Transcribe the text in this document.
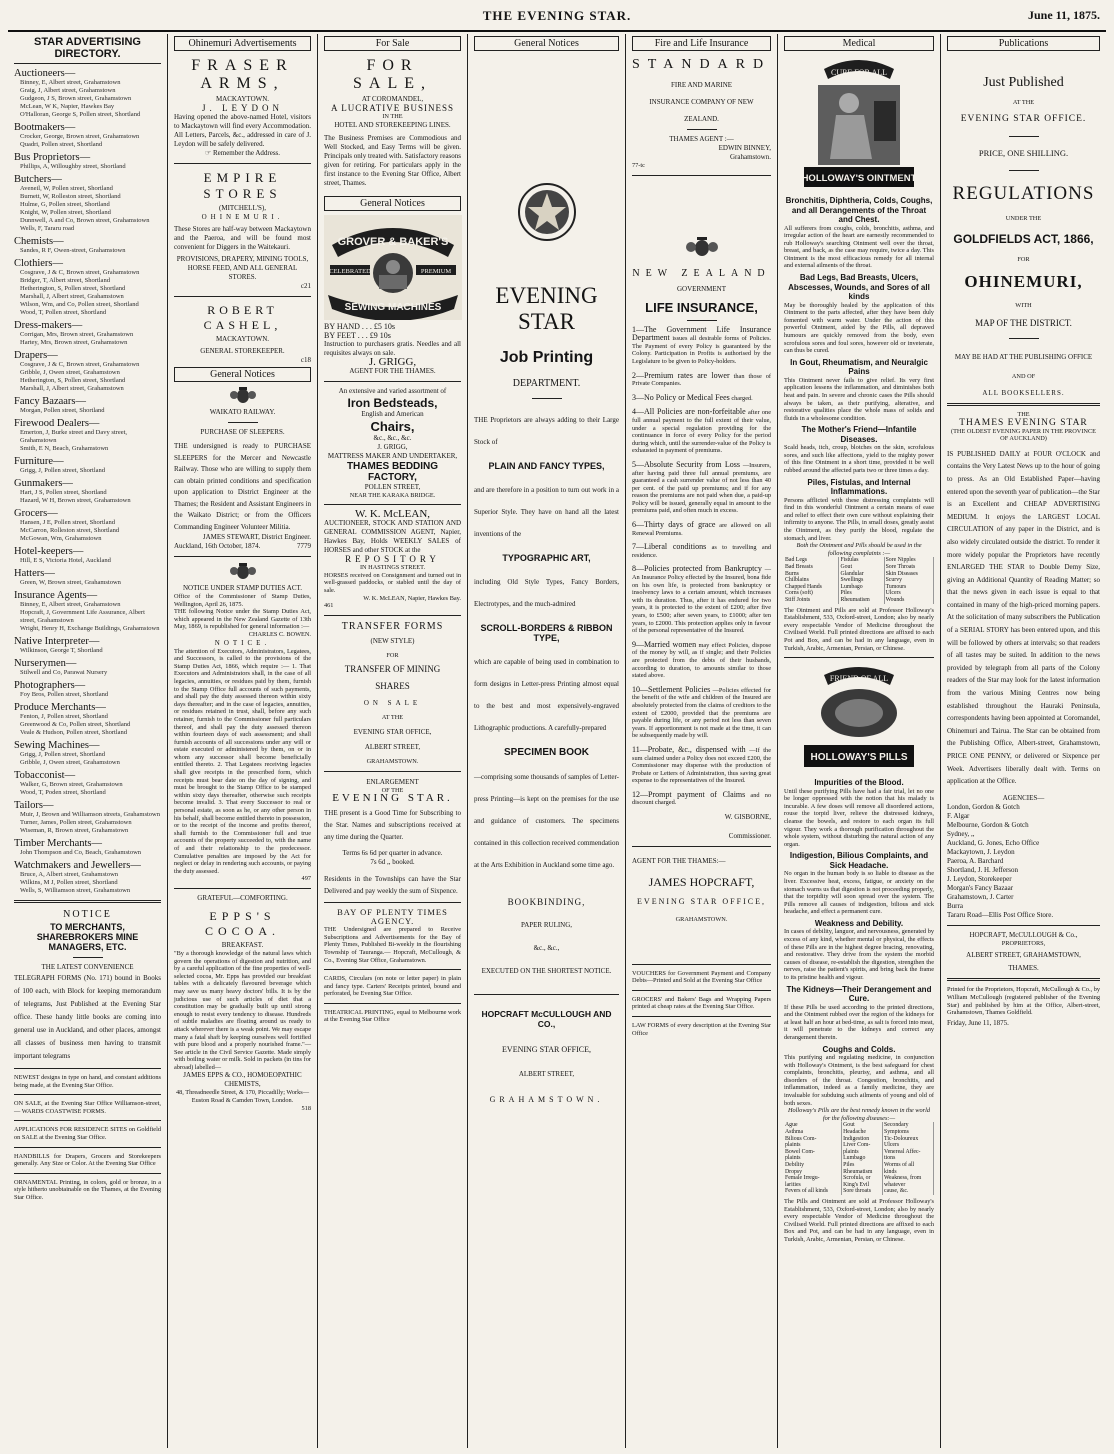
THE EVENING STAR.	June 11, 1875.
STAR ADVERTISING DIRECTORY.
Auctioneers—
Binney, E, Albert street, Grahamstown
Graig, J, Albert street, Grahamstown
Gudgeon, J S, Brown street, Grahamstown
McLean, W K, Napier, Hawkes Bay
O'Halloran, George S, Pollen street, Shortland
Bootmakers—
Crocker, George, Brown street, Grahamstown
Quadri, Pollen street, Shortland
Bus Proprietors—
Phillips, A, Willoughby street, Shortland
Butchers—
Aveneil, W, Pollen street, Shortland
Burnett, W, Rolleston street, Shortland
Hulme, G, Pollen street, Shortland
Knight, W, Pollen street, Shortland
Dunnwell, A and Co, Brown street, Grahamstown
Wells, F, Tararu road
Chemists—
Sandes, R F, Owen-street, Grahamstown
Clothiers—
Cosgrave, J & C, Brown street, Grahamstown
Bridger, T, Albert street, Shortland
Hetherington, S, Pollen street, Shortland
Marshall, J, Albert street, Grahamstown
Wilson, Wm, and Co, Pollen street, Shortland
Wood, T, Pollen street, Shortland
Dress-makers—
Corrigan, Mrs, Brown street, Grahamstown
Hartey, Mrs, Brown street, Grahamstown
Drapers—
Cosgrave, J & C, Brown street, Grahamstown
Gribble, J, Owen street, Grahamstown
Hetherington, S, Pollen street, Shortland
Marshall, J, Albert street, Grahamstown
Fancy Bazaars—
Morgan, Pollen street, Shortland
Firewood Dealers—
Emerton, J, Burke street and Davy street, Grahamstown
Smith, E N, Beach, Grahamstown
Furniture—
Grigg, J, Pollen street, Shortland
Gunmakers—
Hart, J S, Pollen street, Shortland
Hazard, W H, Brown street, Grahamstown
Grocers—
Hansen, J E, Pollen street, Shortland
McCarron, Rolleston street, Shortland
McGowan, Wm, Grahamstown
Hotel-keepers—
Hill, E S, Victoria Hotel, Auckland
Hatters—
Green, W, Brown street, Grahamstown
Insurance Agents—
Binney, E, Albert street, Grahamstown
Hopcraft, J, Government Life Assurance, Albert street, Grahamstown
Wright, Henry H, Exchange Buildings, Grahamstown
Native Interpreter—
Wilkinson, George T, Shortland
Nurserymen—
Stilwell and Co, Parawai Nursery
Photographers—
Foy Bros, Pollen street, Shortland
Produce Merchants—
Fenton, J, Pollen street, Shortland
Greenwood & Co, Pollen street, Shortland
Veale & Hudson, Pollen street, Shortland
Sewing Machines—
Grigg, J, Pollen street, Shortland
Gribble, J, Owen street, Grahamstown
Tobacconist—
Walker, G, Brown street, Grahamstown
Wood, T, Poden street, Shortland
Tailors—
Muir, J, Brown and Williamson streets, Grahamstown
Turner, James, Pollen street, Grahamstown
Wiseman, R, Brown street, Grahamstown
Timber Merchants—
John Thompson and Co, Beach, Grahamstown
Watchmakers and Jewellers—
Bruce, A, Albert street, Grahamstown
Wilkins, M J, Pollen street, Shortland
Wells, S, Williamson street, Grahamstown
NOTICE
TO MERCHANTS, SHAREBROKERS MINE MANAGERS, ETC.
THE LATEST CONVENIENCE
TELEGRAPH FORMS (No. 171) bound in Books of 100 each, with Block for keeping memorandum of telegrams, Just Published at the Evening Star office. These handy little books are coming into general use in Auckland, and other places, amongst all classes of business men having to transmit important telegrams
NEWEST designs in type on hand, and constant additions being made, at the Evening Star Office.
ON SALE, at the Evening Star Office Williamson-street, — WARDS COASTWISE FORMS.
APPLICATIONS FOR RESIDENCE SITES on Goldfield on SALE at the Evening Star Office.
HANDBILLS for Drapers, Grocers and Storekeepers generally. Any Size or Color. At the Evening Star Office
ORNAMENTAL Printing, in colors, gold or bronze, in a style hitherto unobtainable on the Thames, at the Evening Star Office.
Ohinemuri Advertisements
FRASER ARMS,
MACKAYTOWN.
J. LEYDON
Having opened the above-named Hotel, visitors to Mackaytown will find every Accommodation. All Letters, Parcels, &c., addressed in care of J. Leydon will be safely delivered.
☞ Remember the Address.
EMPIRE STORES
(MITCHELL'S),
OHINEMURI.
These Stores are half-way between Mackaytown and the Paeroa, and will be found most convenient for Diggers in the Waitekauri.
PROVISIONS, DRAPERY, MINING TOOLS, HORSE FEED, AND ALL GENERAL STORES.
c21
ROBERT CASHEL,
MACKAYTOWN.
GENERAL STOREKEEPER.
c18
General Notices
WAIKATO RAILWAY.
PURCHASE OF SLEEPERS.
THE undersigned is ready to PURCHASE SLEEPERS for the Mercer and Newcastle Railway. Those who are willing to supply them can obtain printed conditions and specification upon application to District Engineer at the Thames; the Resident and Assistant Engineers in the Waikato District; or from the Officers Commanding Engineer Volunteer Militia.
JAMES STEWART, District Engineer.
Auckland, 16th October, 1874.	7779
NOTICE UNDER STAMP DUTIES ACT.
Office of the Commissioner of Stamp Duties, Wellington, April 26, 1875.
THE following Notice under the Stamp Duties Act, which appeared in the New Zealand Gazette of 13th May, 1869, is republished for general information :—
CHARLES C. BOWEN.
NOTICE.
The attention of Executors, Administrators, Legatees, and Successors, is called to the provisions of the Stamp Duties Act, 1866, which require :— 1. That Executors and Administrators shall, in the case of all legacies, annuities, or residues paid by them, furnish to the Stamp Office full accounts of such payments, and shall pay the duty assessed thereon within sixty days thereafter; and in the case of legacies, annuities, or residues retained in trust, shall, before any such retainer, furnish to the Commissioner full particulars thereof, and shall pay the duty assessed thereon within fourteen days of such assessment; and shall furnish accounts of all successions under any will or estate executed or administered by them, on or in whom any successor shall become beneficially entitled thereto. 2. That Legatees receiving legacies shall give receipts in the prescribed form, which receipts must bear date on the day of signing, and must be brought to the Stamp Office to be stamped within sixty days thereafter, otherwise such receipts become invalid. 3. That every Successor to real or personal estate, as soon as he, or any other person in his behalf, shall become entitled thereto in possession, or to the receipt of the income and profits thereof, shall furnish to the Commissioner full and true accounts of the property succeeded to, with the name of and their relationship to the predecessor. Cumulative penalties are imposed by the Act for neglect or delay in rendering such accounts, or paying the duty assessed.
497
GRATEFUL—COMFORTING.
EPPS'S COCOA.
BREAKFAST.
"By a thorough knowledge of the natural laws which govern the operations of digestion and nutrition, and by a careful application of the fine properties of well-selected cocoa, Mr. Epps has provided our breakfast tables with a delicately flavoured beverage which may save us many heavy doctors' bills. It is by the judicious use of such articles of diet that a constitution may be gradually built up until strong enough to resist every tendency to disease. Hundreds of subtle maladies are floating around us ready to attack wherever there is a weak point. We may escape many a fatal shaft by keeping ourselves well fortified with pure blood and a properly nourished frame."—See article in the Civil Service Gazette. Made simply with boiling water or milk. Sold in packets (in tins for abroad) labelled—
JAMES EPPS & CO., HOMOEOPATHIC CHEMISTS,
48, Threadneedle Street, & 170, Piccadilly; Works—Euston Road & Camden Town, London.
518
For Sale
FOR SALE,
AT COROMANDEL,
A LUCRATIVE BUSINESS
IN THE
HOTEL AND STOREKEEPING LINES.
The Business Premises are Commodious and Well Stocked, and Easy Terms will be given. Principals only treated with. Satisfactory reasons given for retiring. For particulars apply in the first instance to the Evening Star Office, Albert street, Thames.
General Notices
GROVER & BAKER'S
CELEBRATED	PREMIUM
SEWING MACHINES
BY HAND . . . £5 10s
BY FEET . . . £9 10s
Instruction to purchasers gratis. Needles and all requisites always on sale.
J. GRIGG,
AGENT FOR THE THAMES.
An extensive and varied assortment of
Iron Bedsteads,
English and American
Chairs,
&c., &c., &c.
J. GRIGG,
MATTRESS MAKER AND UNDERTAKER,
THAMES BEDDING FACTORY,
POLLEN STREET,
NEAR THE KARAKA BRIDGE.
W. K. McLEAN,
AUCTIONEER, STOCK AND STATION AND GENERAL COMMISSION AGENT, Napier, Hawkes Bay, Holds WEEKLY SALES of HORSES and other STOCK at the
REPOSITORY
IN HASTINGS STREET.
HORSES received on Consignment and turned out in well-grassed paddocks, or stabled until the day of sale.
W. K. McLEAN, Napier, Hawkes Bay.
461
TRANSFER FORMS
(NEW STYLE)
FOR
TRANSFER OF MINING
SHARES
ON SALE
AT THE
EVENING STAR OFFICE,
ALBERT STREET,
GRAHAMSTOWN.
ENLARGEMENT
OF THE
EVENING STAR.
THE present is a Good Time for Subscribing to the Star. Names and subscriptions received at any time during the Quarter.
Terms 6s 6d per quarter in advance.
7s 6d ,, booked.
Residents in the Townships can have the Star Delivered and pay weekly the sum of Sixpence.
BAY OF PLENTY TIMES AGENCY.
THE Undersigned are prepared to Receive Subscriptions and Advertisements for the Bay of Plenty Times, Published Bi-weekly in the flourishing Township of Tauranga.— Hopcraft, McCullough, & Co., Evening Star Office, Grahamstown.
CARDS, Circulars (on note or letter paper) in plain and fancy type. Carters' Receipts printed, bound and perforated, be Evening Star Office.
THEATRICAL PRINTING, equal to Melbourne work at the Evening Star Office
General Notices
EVENING STAR
Job Printing
DEPARTMENT.
THE Proprietors are always adding to their Large Stock of
PLAIN AND FANCY TYPES,
and are therefore in a position to turn out work in a Superior Style. They have on hand all the latest inventions of the
TYPOGRAPHIC ART,
including Old Style Types, Fancy Borders, Electrotypes, and the much-admired
SCROLL-BORDERS & RIBBON TYPE,
which are capable of being used in combination to form designs in Letter-press Printing almost equal to the best and most expensively-engraved Lithographic productions. A carefully-prepared
SPECIMEN BOOK
—comprising some thousands of samples of Letter-press Printing—is kept on the premises for the use and guidance of customers. The specimens contained in this collection received commendation at the Arts Exhibition in Auckland some time ago.
BOOKBINDING,
PAPER RULING,
&c., &c.,
EXECUTED ON THE SHORTEST NOTICE.
HOPCRAFT McCULLOUGH AND CO.,
EVENING STAR OFFICE,
ALBERT STREET,
GRAHAMSTOWN.
Fire and Life Insurance
STANDARD
FIRE AND MARINE
INSURANCE COMPANY OF NEW
ZEALAND.
THAMES AGENT :—
EDWIN BINNEY,
Grahamstown.
77-tc
NEW ZEALAND
GOVERNMENT
LIFE INSURANCE,
1—The Government Life Insurance Department issues all desirable forms of Policies. The Payment of every Policy is guaranteed by the Colony. Participation in Profits is authorised by the Legislature to be given to Policy-holders.
2—Premium rates are lower than those of Private Companies.
3—No Policy or Medical Fees charged.
4—All Policies are non-forfeitable after one full annual payment to the full extent of their value, under a special regulation providing for the continuance in force of every Policy for the period during which, until the surrender-value of the Policy is exhausted in payment of premiums.
5—Absolute Security from Loss —Insurers, after having paid three full annual premiums, are guaranteed a cash surrender value of not less than 40 per cent. of the paid up premiums; and if for any reason the premiums are not paid when due, a paid-up Policy will be issued, generally equal in amount to the premiums paid, and often much in excess.
6—Thirty days of grace are allowed on all Renewal Premiums.
7—Liberal conditions as to travelling and residence.
8—Policies protected from Bankruptcy —An Insurance Policy effected by the Insured, bona fide on his own life, is protected from bankruptcy or insolvency laws to a certain amount, which increases with its duration. Thus, after it has endured for two years, it is protected to the extent of £200; after five years, to £500; after seven years, to £1000; after ten years, to £2000. This protection applies only in favour of the personal representative of the Insured.
9—Married women may effect Policies, dispose of the money by will, as if single; and their Policies are protected from the debts of their husbands, according to duration, to amounts similar to those stated above.
10—Settlement Policies —Policies effected for the benefit of the wife and children of the Insured are absolutely protected from the claims of creditors to the extent of £2000, provided that the premiums are payable during life, or any period not less than seven years. If apportionment is not made at the time, it can be subsequently made by will.
11—Probate, &c., dispensed with —If the sum claimed under a Policy does not exceed £200, the Commissioner may dispense with the production of Probate or Letters of Administration, thus saving great expense to the representatives of the Insured.
12—Prompt payment of Claims and no discount charged.
W. GISBORNE,
Commissioner.
AGENT FOR THE THAMES:—
JAMES HOPCRAFT,
EVENING STAR OFFICE,
GRAHAMSTOWN.
VOUCHERS for Government Payment and Company Debts—Printed and Sold at the Evening Star Office
GROCERS' and Bakers' Bags and Wrapping Papers printed at cheap rates at the Evening Star Office.
LAW FORMS of every description at the Evening Star Office
Medical
CURE FOR ALL
HOLLOWAY'S OINTMENT
Bronchitis, Diphtheria, Colds, Coughs, and all Derangements of the Throat and Chest.
All sufferers from coughs, colds, bronchitis, asthma, and irregular action of the heart are earnestly recommended to rub Holloway's searching Ointment well over the throat, breast, and back, as the case may require, twice a day. This Ointment is the most efficacious remedy for all internal and external ailments of the throat.
Bad Legs, Bad Breasts, Ulcers, Abscesses, Wounds, and Sores of all kinds
May be thoroughly healed by the application of this Ointment to the parts affected, after they have been duly fomented with warm water. Under the action of this powerful Ointment, aided by the Pills, all depraved humours are quickly removed from the body, even scrofulous sores and foul sores, however old or inveterate, can thus be cured.
In Gout, Rheumatism, and Neuralgic Pains
This Ointment never fails to give relief. Its very first application lessens the inflammation, and diminishes both heat and pain. In severe and chronic cases the Pills should always be taken, as their purifying, alterative, and restorative qualities place the whole mass of solids and fluids in a wholesome condition.
The Mother's Friend—Infantile Diseases.
Scald heads, itch, croup, blotches on the skin, scrofulous sores, and such like affections, yield to the mighty power of this fine Ointment in a short time, provided it be well rubbed around the affected parts two or three times a day.
Piles, Fistulas, and Internal Inflammations.
Persons afflicted with these distressing complaints will find in this wonderful Ointment a certain means of ease and relief to effect their own cure without explaining their infirmity to anyone. The Pills, in small doses, greatly assist the Ointment, as they purify the blood, regulate the stomach, and liver.
Both the Ointment and Pills should be used in the following complaints :—
Bad Legs	Fistulas	Sore Nipples
Bad Breasts	Gout	Sore Throats
Burns	Glandular	Skin Diseases
Chilblains	Swellings	Scurvy
Chapped Hands	Lumbago	Tumours
Corns (soft)	Piles	Ulcers
Stiff Joints	Rheumatism	Wounds
The Ointment and Pills are sold at Professor Holloway's Establishment, 533, Oxford-street, London; also by nearly every respectable Vendor of Medicine throughout the Civilised World. Full printed directions are affixed to each Pot and Box, and can be had in any language, even in Turkish, Arabic, Armenian, Persian, or Chinese.
FRIEND OF ALL
HOLLOWAY'S PILLS
Impurities of the Blood.
Until these purifying Pills have had a fair trial, let no one be longer oppressed with the notion that his malady is incurable. A few doses will remove all disordered actions, rouse the torpid liver, relieve the distressed kidneys, cleanse the bowels, and restore to each organ its full vigour. They work a thorough purification throughout the whole system, without disturbing the natural action of any organ.
Indigestion, Bilious Complaints, and Sick Headache.
No organ in the human body is so liable to disease as the liver. Excessive heat, excess, fatigue, or anxiety on the stomach warns us that digestion is not proceeding properly, that the torpidity will soon spread over the system. The Pills remove all causes of indigestion, bilious and sick headache, and effect a permanent cure.
Weakness and Debility.
In cases of debility, languor, and nervousness, generated by excess of any kind, whether mental or physical, the effects of these Pills are in the highest degree bracing, renovating, and restorative. They drive from the system the morbid causes of disease, re-establish the digestion, strengthen the nerves, raise the patient's spirits, and bring back the frame to its pristine health and vigour.
The Kidneys—Their Derangement and Cure.
If these Pills be used according to the printed directions, and the Ointment rubbed over the region of the kidneys for at least half an hour at bed-time, as salt is forced into meat, it will penetrate to the kidneys and correct any derangement therein.
Coughs and Colds.
This purifying and regulating medicine, in conjunction with Holloway's Ointment, is the best safeguard for chest complaints, bronchitis, pleurisy, and asthma, and all disorders of the throat. Congestion, bronchitis, and inflammation, indeed as a family medicine, they are invaluable for subduing such ailments of young and old of both sexes.
Holloway's Pills are the best remedy known in the world for the following diseases:—
Ague	Gout	Secondary
Asthma	Headache	Symptoms
Bilious Com-	Indigestion	Tic-Doloureux
plaints	Liver Com-	Ulcers
Bowel Com-	plaints	Venereal Affec-
plaints	Lumbago	tions
Debility	Piles	Worms of all
Dropsy	Rheumatism	kinds
Female Irregu-	Scrofula, or	Weakness, from
larities	King's Evil	whatever
Fevers of all kinds	Sore throats	cause, &c.
The Pills and Ointment are sold at Professor Holloway's Establishment, 533, Oxford-street, London; also by nearly every respectable Vendor of Medicine throughout the Civilised World. Full printed directions are affixed to each Box and Pot, and can be had in any language, even in Turkish, Arabic, Armenian, Persian, or Chinese.
Publications
Just Published
AT THE
EVENING STAR OFFICE.
PRICE, ONE SHILLING.
REGULATIONS
UNDER THE
GOLDFIELDS ACT, 1866,
FOR
OHINEMURI,
WITH
MAP OF THE DISTRICT.
MAY BE HAD AT THE PUBLISHING OFFICE
AND OF
ALL BOOKSELLERS.
THE
THAMES EVENING STAR
(THE OLDEST EVENING PAPER IN THE PROVINCE OF AUCKLAND)
IS PUBLISHED DAILY at FOUR O'CLOCK and contains the Very Latest News up to the hour of going to press. As an Old Established Paper—having entered upon the seventh year of publication—the Star is an Excellent and CHEAP ADVERTISING MEDIUM. It enjoys the LARGEST LOCAL CIRCULATION of any paper in the District, and is also widely circulated outside the district. To render it more widely popular the Proprietors have recently ENLARGED THE STAR to Double Demy Size, giving an Additional Quantity of Reading Matter; so that the news given in each issue is equal to that contained in many of the high-priced morning papers. At the solicitation of many subscribers the Publication of a SERIAL STORY has been entered upon, and this will be followed by others at intervals; so that readers of all tastes may be suited. In addition to the news provided by telegraph from all parts of the Colony readers of the Star may look for the latest information from the various Mining Centres now being established throughout the Hauraki Peninsula, correspondents having been appointed at Coromandel, Ohinemuri and Tairua. The Star can be obtained from the Publishing Office, Albert-street, Grahamstown, PRICE ONE PENNY, or delivered or Sixpence per Week. Advertisers liberally dealt with. Terms on application at the Office.
AGENCIES—
London, Gordon & Gotch
F. Algar
Melbourne, Gordon & Gotch
Sydney, ,,
Auckland, G. Jones, Echo Office
Mackaytown, J. Leydon
Paeroa, A. Barchard
Shortland, J. H. Jefferson
J. Leydon, Storekeeper
Morgan's Fancy Bazaar
Grahamstown, J. Carter
Burra
Tararu Road—Ellis Post Office Store.
HOPCRAFT, McCULLOUGH & Co.,
PROPRIETORS,
ALBERT STREET, GRAHAMSTOWN,
THAMES.
Printed for the Proprietors, Hopcraft, McCullough & Co., by William McCullough (registered publisher of the Evening Star) and published by him at the Office, Albert-street, Grahamstown, Thames Goldfield.
Friday, June 11, 1875.
